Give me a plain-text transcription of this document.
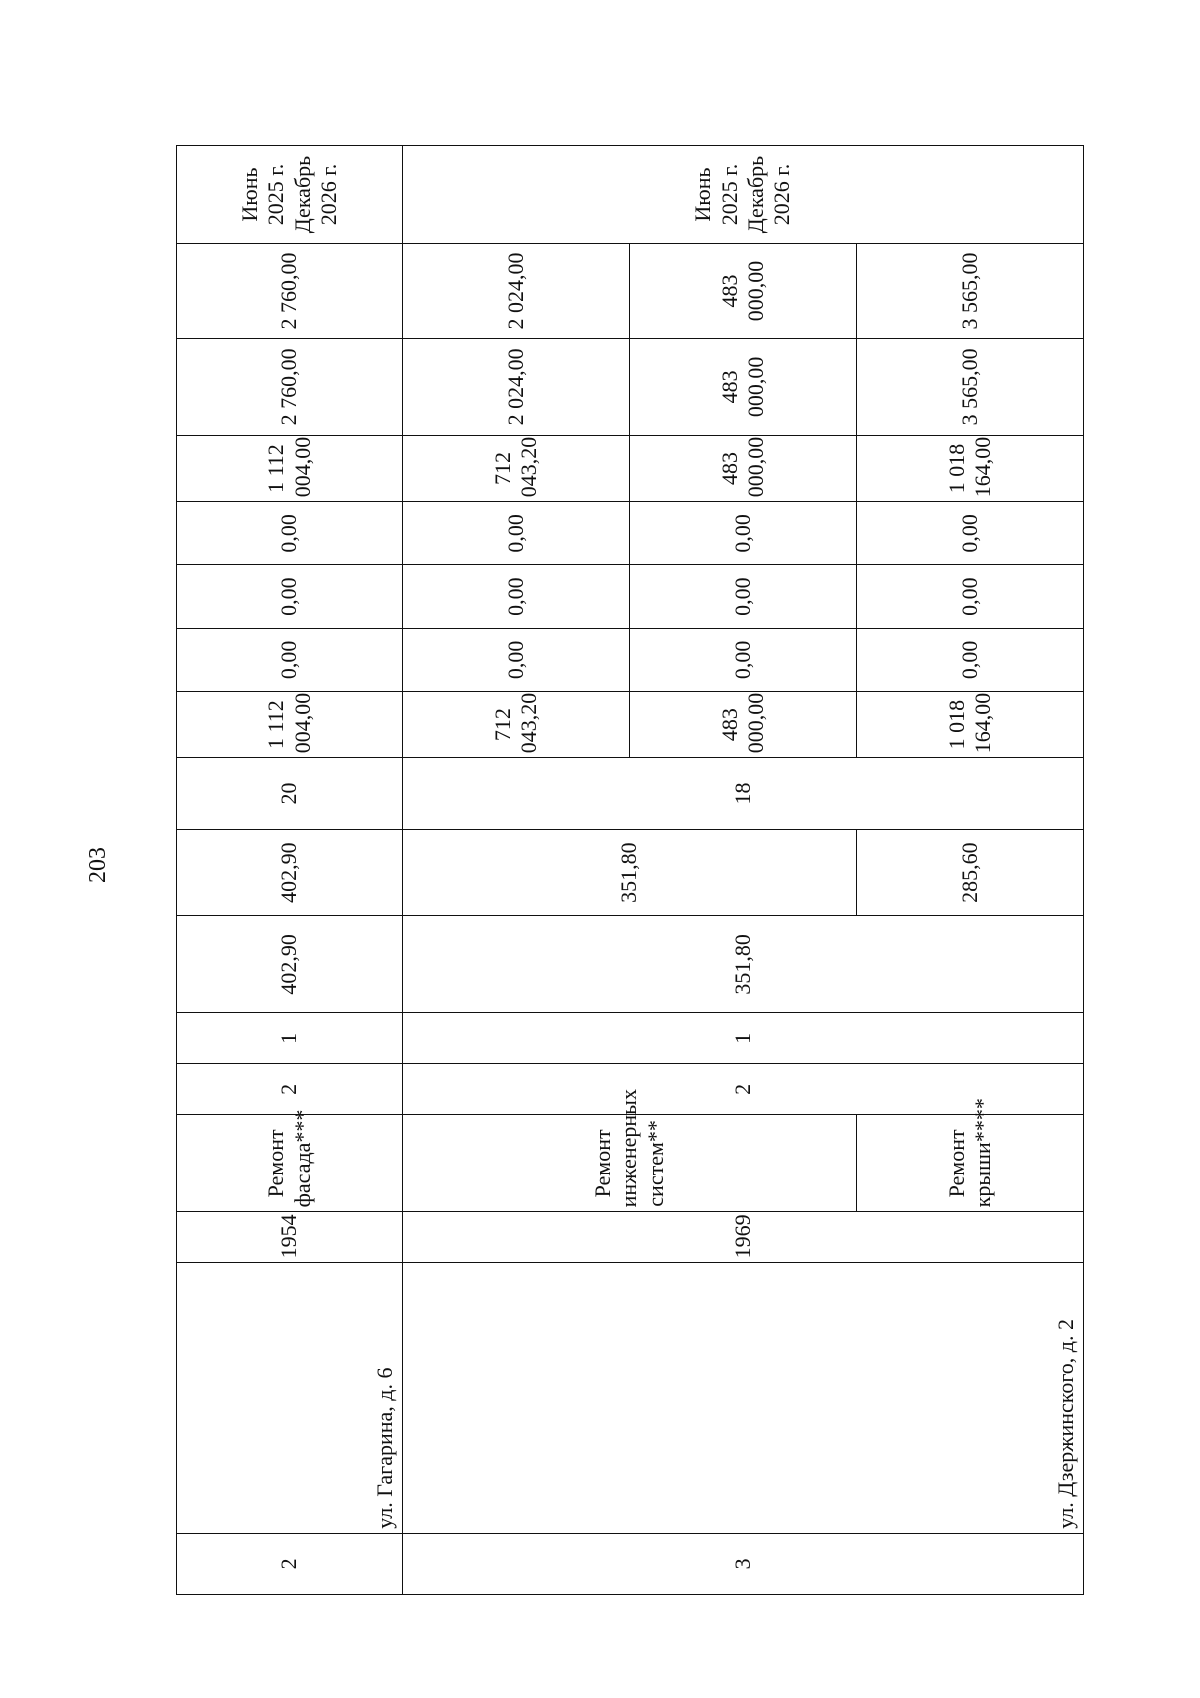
203
2	ул. Гагарина, д. 6	1954	Ремонт фасада***	2	1	402,90	402,90	20	1 112 004,00	0,00	0,00	0,00	1 112 004,00	2 760,00	2 760,00	Июнь 2025 г. Декабрь 2026 г.

3	ул. Дзержинского, д. 2	1969	Ремонт инженерных систем**	2	1	351,80	351,80	18	712 043,20	0,00	0,00	0,00	712 043,20	2 024,00	2 024,00	Июнь 2025 г. Декабрь 2026 г.

									483 000,00	0,00	0,00	0,00	483 000,00	483 000,00	483 000,00	
			Ремонт крыши****				285,60		1 018 164,00	0,00	0,00	0,00	1 018 164,00	3 565,00	3 565,00	
